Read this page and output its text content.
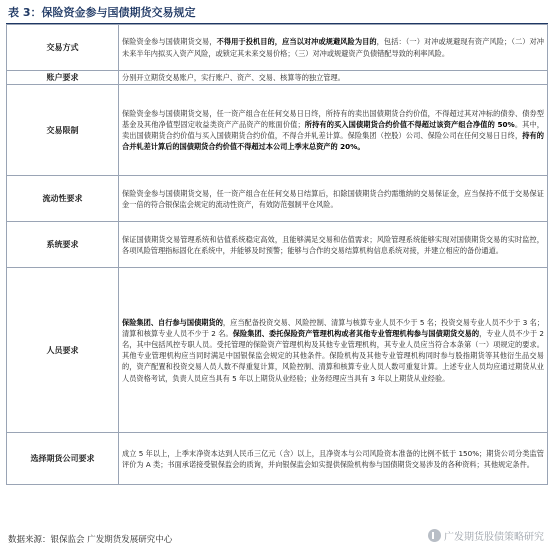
表 3：保险资金参与国债期货交易规定
交易方式	保险资金参与国债期货交易，不得用于投机目的，应当以对冲或规避风险为目的，包括：（一）对冲或规避现有资产风险；（二）对冲未来半年内拟买入资产风险，或锁定其未来交易价格；（三）对冲或规避资产负债错配导致的利率风险。
账户要求	分别开立期货交易账户，实行账户、资产、交易、核算等的独立管理。
交易限制	保险资金参与国债期货交易，任一资产组合在任何交易日日终，所持有的卖出国债期货合约价值，不得超过其对冲标的债券、债券型基金及其他净值型固定收益类资产产品资产的账面价值；所持有的买入国债期货合约价值不得超过该资产组合净值的 50%。其中，卖出国债期货合约价值与买入国债期货合约价值，不得合并轧差计算。保险集团（控股）公司、保险公司在任何交易日日终，持有的合并轧差计算后的国债期货合约价值不得超过本公司上季末总资产的 20%。
流动性要求	保险资金参与国债期货交易，任一资产组合在任何交易日结算后，扣除国债期货合约需缴纳的交易保证金，应当保持不低于交易保证金一倍的符合银保监会规定的流动性资产，有效防范强制平仓风险。
系统要求	保证国债期货交易管理系统和估值系统稳定高效，且能够满足交易和估值需求；风险管理系统能够实现对国债期货交易的实时监控，各项风险管理指标固化在系统中，并能够及时预警；能够与合作的交易结算机构信息系统对接，并建立相应的备份通道。
人员要求	保险集团、自行参与国债期货的，应当配备投资交易、风险控制、清算与核算专业人员不少于 5 名；投资交易专业人员不少于 3 名；清算和核算专业人员不少于 2 名。保险集团、委托保险资产管理机构或者其他专业管理机构参与国债期货交易的，专业人员不少于 2 名，其中包括风控专职人员。受托管理的保险资产管理机构及其他专业管理机构，其专业人员应当符合本条第（一）项规定的要求。其他专业管理机构应当同时满足中国银保监会规定的其他条件。保险机构及其他专业管理机构同时参与股指期货等其他衍生品交易的，资产配置和投资交易人员人数不得重复计算，风险控制、清算和核算专业人员人数可重复计算。上述专业人员均应通过期货从业人员资格考试，负责人员应当具有 5 年以上期货从业经验；业务经理应当具有 3 年以上期货从业经验。
选择期货公司要求	成立 5 年以上，上季末净资本达到人民币三亿元（含）以上，且净资本与公司风险资本准备的比例不低于 150%；期货公司分类监管评价为 A 类；书面承诺接受银保监会的质询，并向银保监会如实提供保险机构参与国债期货交易涉及的各种资料；其他规定条件。
数据来源：银保监会 广发期货发展研究中心	广发期货股债策略研究
